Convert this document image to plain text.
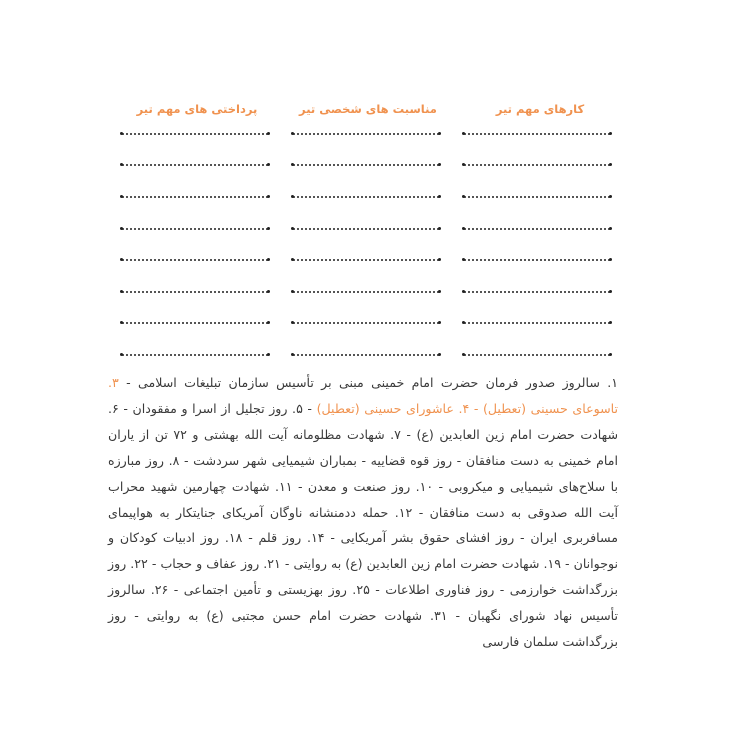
کارهای مهم تیر
مناسبت های شخصی تیر
پرداختی های مهم تیر
۱. سالروز صدور فرمان حضرت امام خمینی مبنی بر تأسیس سازمان تبلیغات اسلامی - ۳. تاسوعای حسینی (تعطیل) - ۴. عاشورای حسینی (تعطیل) - ۵. روز تجلیل از اسرا و مفقودان - ۶. شهادت حضرت امام زین العابدین (ع) - ۷. شهادت مظلومانه آیت الله بهشتی و ۷۲ تن از یاران امام خمینی به دست منافقان - روز قوه قضاییه - بمباران شیمیایی شهر سردشت - ۸. روز مبارزه با سلاح‌های شیمیایی و میکروبی - ۱۰. روز صنعت و معدن - ۱۱. شهادت چهارمین شهید محراب آیت الله صدوقی به دست منافقان - ۱۲. حمله ددمنشانه ناوگان آمریکای جنایتکار به هواپیمای مسافربری ایران - روز افشای حقوق بشر آمریکایی - ۱۴. روز قلم - ۱۸. روز ادبیات کودکان و نوجوانان - ۱۹. شهادت حضرت امام زین العابدین (ع) به روایتی - ۲۱. روز عفاف و حجاب - ۲۲. روز بزرگداشت خوارزمی - روز فناوری اطلاعات - ۲۵. روز بهزیستی و تأمین اجتماعی - ۲۶. سالروز تأسیس نهاد شورای نگهبان - ۳۱. شهادت حضرت امام حسن مجتبی (ع) به روایتی - روز بزرگداشت سلمان فارسی
